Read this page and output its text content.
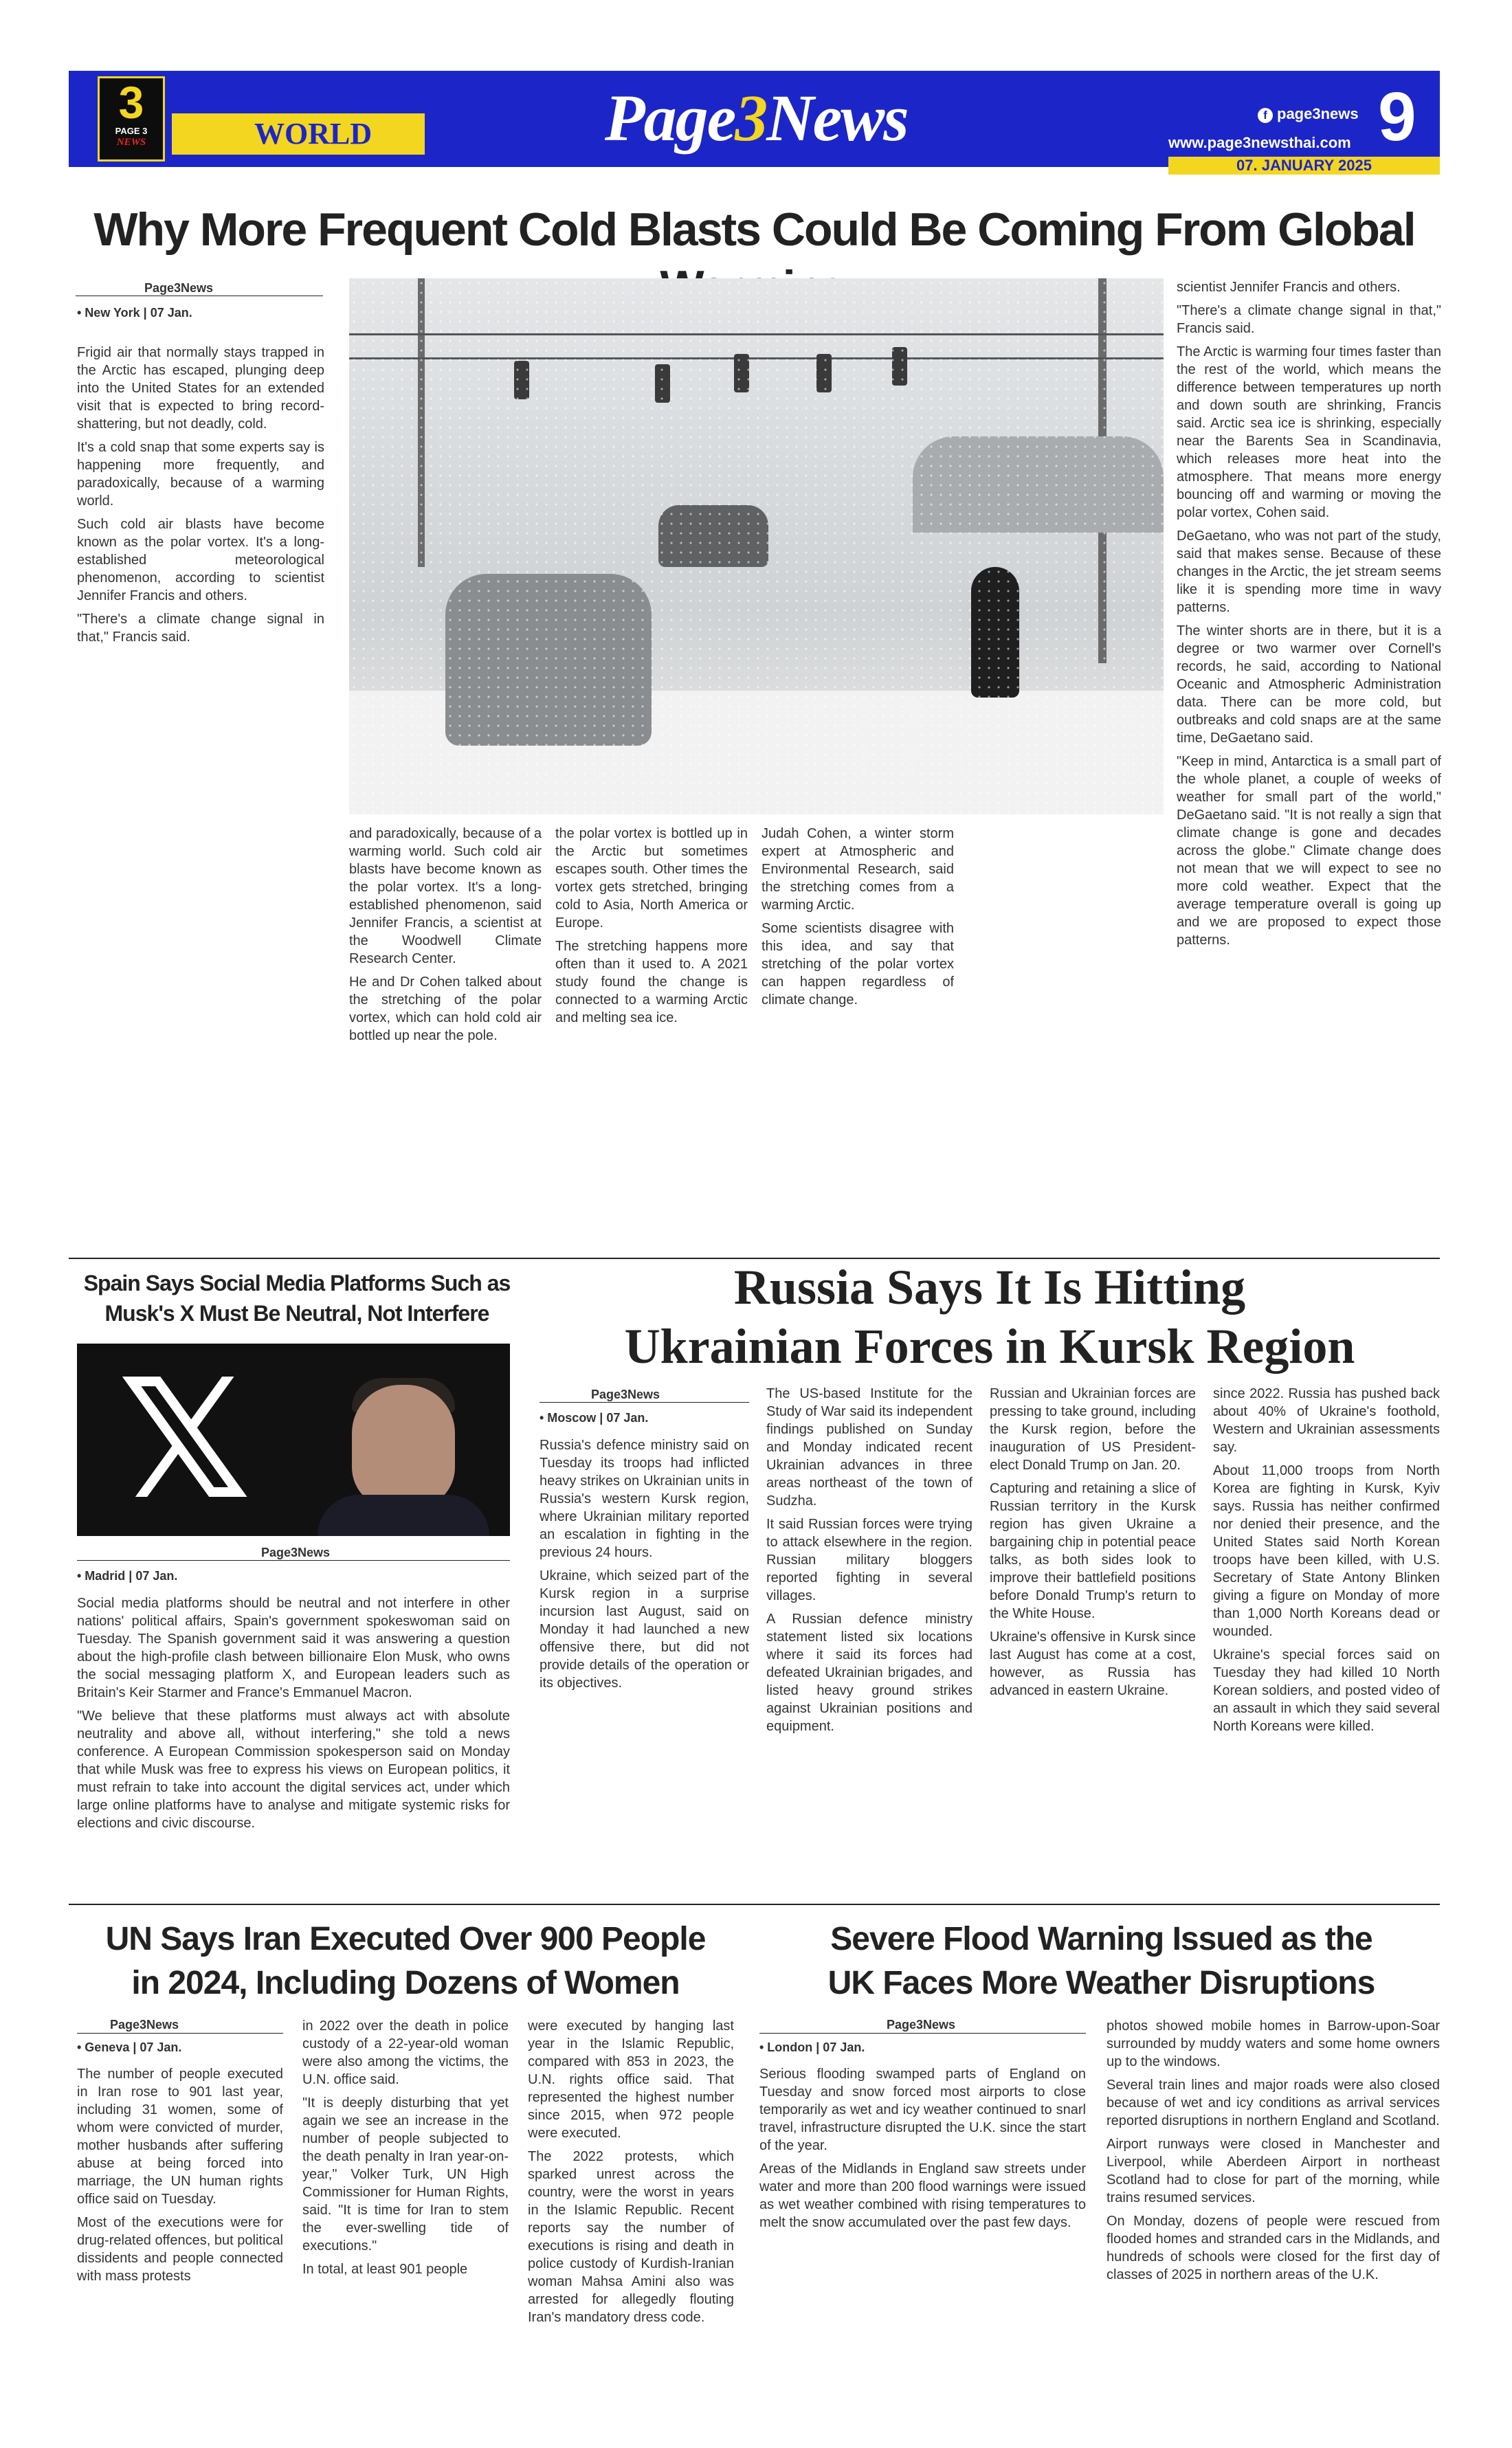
3
PAGE 3
NEWS	WORLD	Page3News	f page3news
www.page3newsthai.com 9
07. JANUARY 2025
Why More Frequent Cold Blasts Could Be Coming From Global
Page3News
• New York | 07 Jan.

Frigid air that normally stays trapped in the Arctic has escaped, plunging deep into the United States for an extended visit that is expected to bring record-shattering, but not deadly, cold.

It's a cold snap that some experts say is happening more frequently, and paradoxically, because of a warming world.

Such cold air blasts have become known as the polar vortex. It's a long-established meteorological phenomenon, according to scientist Jennifer Francis and others.

"There's a climate change signal in that," Francis said.

and paradoxically, because of a warming world. Such cold air blasts have become known as the polar vortex. It's a long-established phenomenon, said Jennifer Francis, a scientist at the Woodwell Climate Research Center.

He and Dr Cohen talked about the stretching of the polar vortex, which can hold cold air bottled up near the pole.

the polar vortex is bottled up in the Arctic but sometimes escapes south. Other times the vortex gets stretched, bringing cold to Asia, North America or Europe.

The stretching happens more often than it used to. A 2021 study found the change is connected to a warming Arctic and melting sea ice.

Judah Cohen, a winter storm expert at Atmospheric and Environmental Research, said the stretching comes from a warming Arctic.

Some scientists disagree with this idea, and say that stretching of the polar vortex can happen regardless of climate change.

scientist Jennifer Francis and others.

"There's a climate change signal in that," Francis said.

The Arctic is warming four times faster than the rest of the world, which means the difference between temperatures up north and down south are shrinking, Francis said. Arctic sea ice is shrinking, especially near the Barents Sea in Scandinavia, which releases more heat into the atmosphere. That means more energy bouncing off and warming or moving the polar vortex, Cohen said.

DeGaetano, who was not part of the study, said that makes sense. Because of these changes in the Arctic, the jet stream seems like it is spending more time in wavy patterns.

The winter shorts are in there, but it is a degree or two warmer over Cornell's records, he said, according to National Oceanic and Atmospheric Administration data. There can be more cold, but outbreaks and cold snaps are at the same time, DeGaetano said.

"Keep in mind, Antarctica is a small part of the whole planet, a couple of weeks of weather for small part of the world," DeGaetano said. "It is not really a sign that climate change is gone and decades across the globe." Climate change does not mean that we will expect to see no more cold weather. Expect that the average temperature overall is going up and we are proposed to expect those patterns.

Spain Says Social Media Platforms Such as
Musk's X Must Be Neutral, Not Interfere
𝕏
Page3News
• Madrid | 07 Jan.

Social media platforms should be neutral and not interfere in other nations' political affairs, Spain's government spokeswoman said on Tuesday. The Spanish government said it was answering a question about the high-profile clash between billionaire Elon Musk, who owns the social messaging platform X, and European leaders such as Britain's Keir Starmer and France's Emmanuel Macron.

"We believe that these platforms must always act with absolute neutrality and above all, without interfering," she told a news conference. A European Commission spokesperson said on Monday that while Musk was free to express his views on European politics, it must refrain to take into account the digital services act, under which large online platforms have to analyse and mitigate systemic risks for elections and civic discourse.

Russia Says It Is Hitting
Ukrainian Forces in Kursk Region
Page3News
• Moscow | 07 Jan.

Russia's defence ministry said on Tuesday its troops had inflicted heavy strikes on Ukrainian units in Russia's western Kursk region, where Ukrainian military reported an escalation in fighting in the previous 24 hours.

Ukraine, which seized part of the Kursk region in a surprise incursion last August, said on Monday it had launched a new offensive there, but did not provide details of the operation or its objectives.

The US-based Institute for the Study of War said its independent findings published on Sunday and Monday indicated recent Ukrainian advances in three areas northeast of the town of Sudzha.

It said Russian forces were trying to attack elsewhere in the region. Russian military bloggers reported fighting in several villages.

A Russian defence ministry statement listed six locations where it said its forces had defeated Ukrainian brigades, and listed heavy ground strikes against Ukrainian positions and equipment.

Russian and Ukrainian forces are pressing to take ground, including the Kursk region, before the inauguration of US President-elect Donald Trump on Jan. 20.

Capturing and retaining a slice of Russian territory in the Kursk region has given Ukraine a bargaining chip in potential peace talks, as both sides look to improve their battlefield positions before Donald Trump's return to the White House.

Ukraine's offensive in Kursk since last August has come at a cost, however, as Russia has advanced in eastern Ukraine.

since 2022. Russia has pushed back about 40% of Ukraine's foothold, Western and Ukrainian assessments say.

About 11,000 troops from North Korea are fighting in Kursk, Kyiv says. Russia has neither confirmed nor denied their presence, and the United States said North Korean troops have been killed, with U.S. Secretary of State Antony Blinken giving a figure on Monday of more than 1,000 North Koreans dead or wounded.

Ukraine's special forces said on Tuesday they had killed 10 North Korean soldiers, and posted video of an assault in which they said several North Koreans were killed.

UN Says Iran Executed Over 900 People
in 2024, Including Dozens of Women
Page3News
• Geneva | 07 Jan.

The number of people executed in Iran rose to 901 last year, including 31 women, some of whom were convicted of murder, mother husbands after suffering abuse at being forced into marriage, the UN human rights office said on Tuesday.

Most of the executions were for drug-related offences, but political dissidents and people connected with mass protests

in 2022 over the death in police custody of a 22-year-old woman were also among the victims, the U.N. office said.

"It is deeply disturbing that yet again we see an increase in the number of people subjected to the death penalty in Iran year-on-year," Volker Turk, UN High Commissioner for Human Rights, said. "It is time for Iran to stem the ever-swelling tide of executions."

In total, at least 901 people

were executed by hanging last year in the Islamic Republic, compared with 853 in 2023, the U.N. rights office said. That represented the highest number since 2015, when 972 people were executed.

The 2022 protests, which sparked unrest across the country, were the worst in years in the Islamic Republic. Recent reports say the number of executions is rising and death in police custody of Kurdish-Iranian woman Mahsa Amini also was arrested for allegedly flouting Iran's mandatory dress code.

Severe Flood Warning Issued as the
UK Faces More Weather Disruptions
Page3News
• London | 07 Jan.

Serious flooding swamped parts of England on Tuesday and snow forced most airports to close temporarily as wet and icy weather continued to snarl travel, infrastructure disrupted the U.K. since the start of the year.

Areas of the Midlands in England saw streets under water and more than 200 flood warnings were issued as wet weather combined with rising temperatures to melt the snow accumulated over the past few days.

photos showed mobile homes in Barrow-upon-Soar surrounded by muddy waters and some home owners up to the windows.

Several train lines and major roads were also closed because of wet and icy conditions as arrival services reported disruptions in northern England and Scotland.

Airport runways were closed in Manchester and Liverpool, while Aberdeen Airport in northeast Scotland had to close for part of the morning, while trains resumed services.

On Monday, dozens of people were rescued from flooded homes and stranded cars in the Midlands, and hundreds of schools were closed for the first day of classes of 2025 in northern areas of the U.K.
